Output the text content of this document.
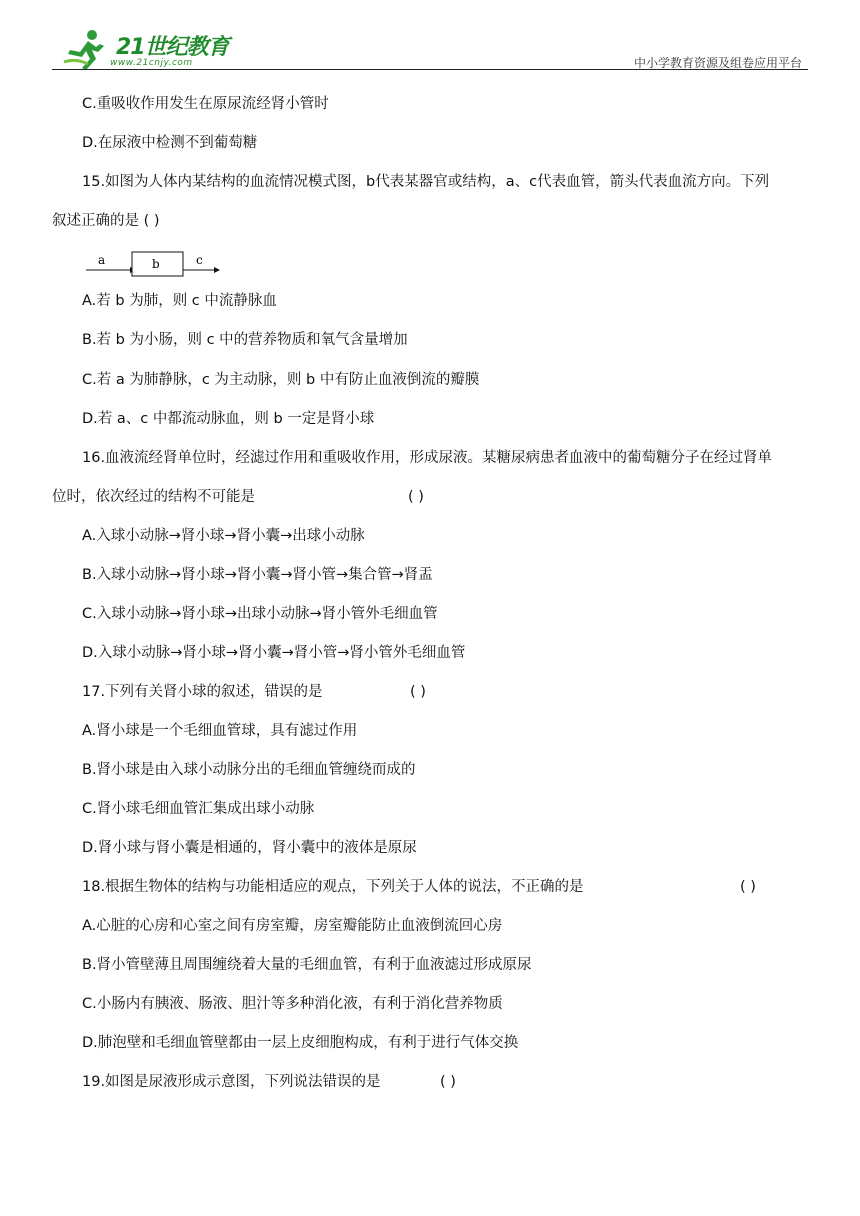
21世纪教育
www.21cnjy.com	中小学教育资源及组卷应用平台
C.重吸收作用发生在原尿流经肾小管时
D.在尿液中检测不到葡萄糖
15.如图为人体内某结构的血流情况模式图，b代表某器官或结构，a、c代表血管，箭头代表血流方向。下列
叙述正确的是 ( )
a	b	c
A.若 b 为肺，则 c 中流静脉血
B.若 b 为小肠，则 c 中的营养物质和氧气含量增加
C.若 a 为肺静脉，c 为主动脉，则 b 中有防止血液倒流的瓣膜
D.若 a、c 中都流动脉血，则 b 一定是肾小球
16.血液流经肾单位时，经滤过作用和重吸收作用，形成尿液。某糖尿病患者血液中的葡萄糖分子在经过肾单
位时，依次经过的结构不可能是	( )
A.入球小动脉→肾小球→肾小囊→出球小动脉
B.入球小动脉→肾小球→肾小囊→肾小管→集合管→肾盂
C.入球小动脉→肾小球→出球小动脉→肾小管外毛细血管
D.入球小动脉→肾小球→肾小囊→肾小管→肾小管外毛细血管
17.下列有关肾小球的叙述，错误的是	( )
A.肾小球是一个毛细血管球，具有滤过作用
B.肾小球是由入球小动脉分出的毛细血管缠绕而成的
C.肾小球毛细血管汇集成出球小动脉
D.肾小球与肾小囊是相通的，肾小囊中的液体是原尿
18.根据生物体的结构与功能相适应的观点，下列关于人体的说法，不正确的是	( )
A.心脏的心房和心室之间有房室瓣，房室瓣能防止血液倒流回心房
B.肾小管壁薄且周围缠绕着大量的毛细血管，有利于血液滤过形成原尿
C.小肠内有胰液、肠液、胆汁等多种消化液，有利于消化营养物质
D.肺泡壁和毛细血管壁都由一层上皮细胞构成，有利于进行气体交换
19.如图是尿液形成示意图，下列说法错误的是	( )
